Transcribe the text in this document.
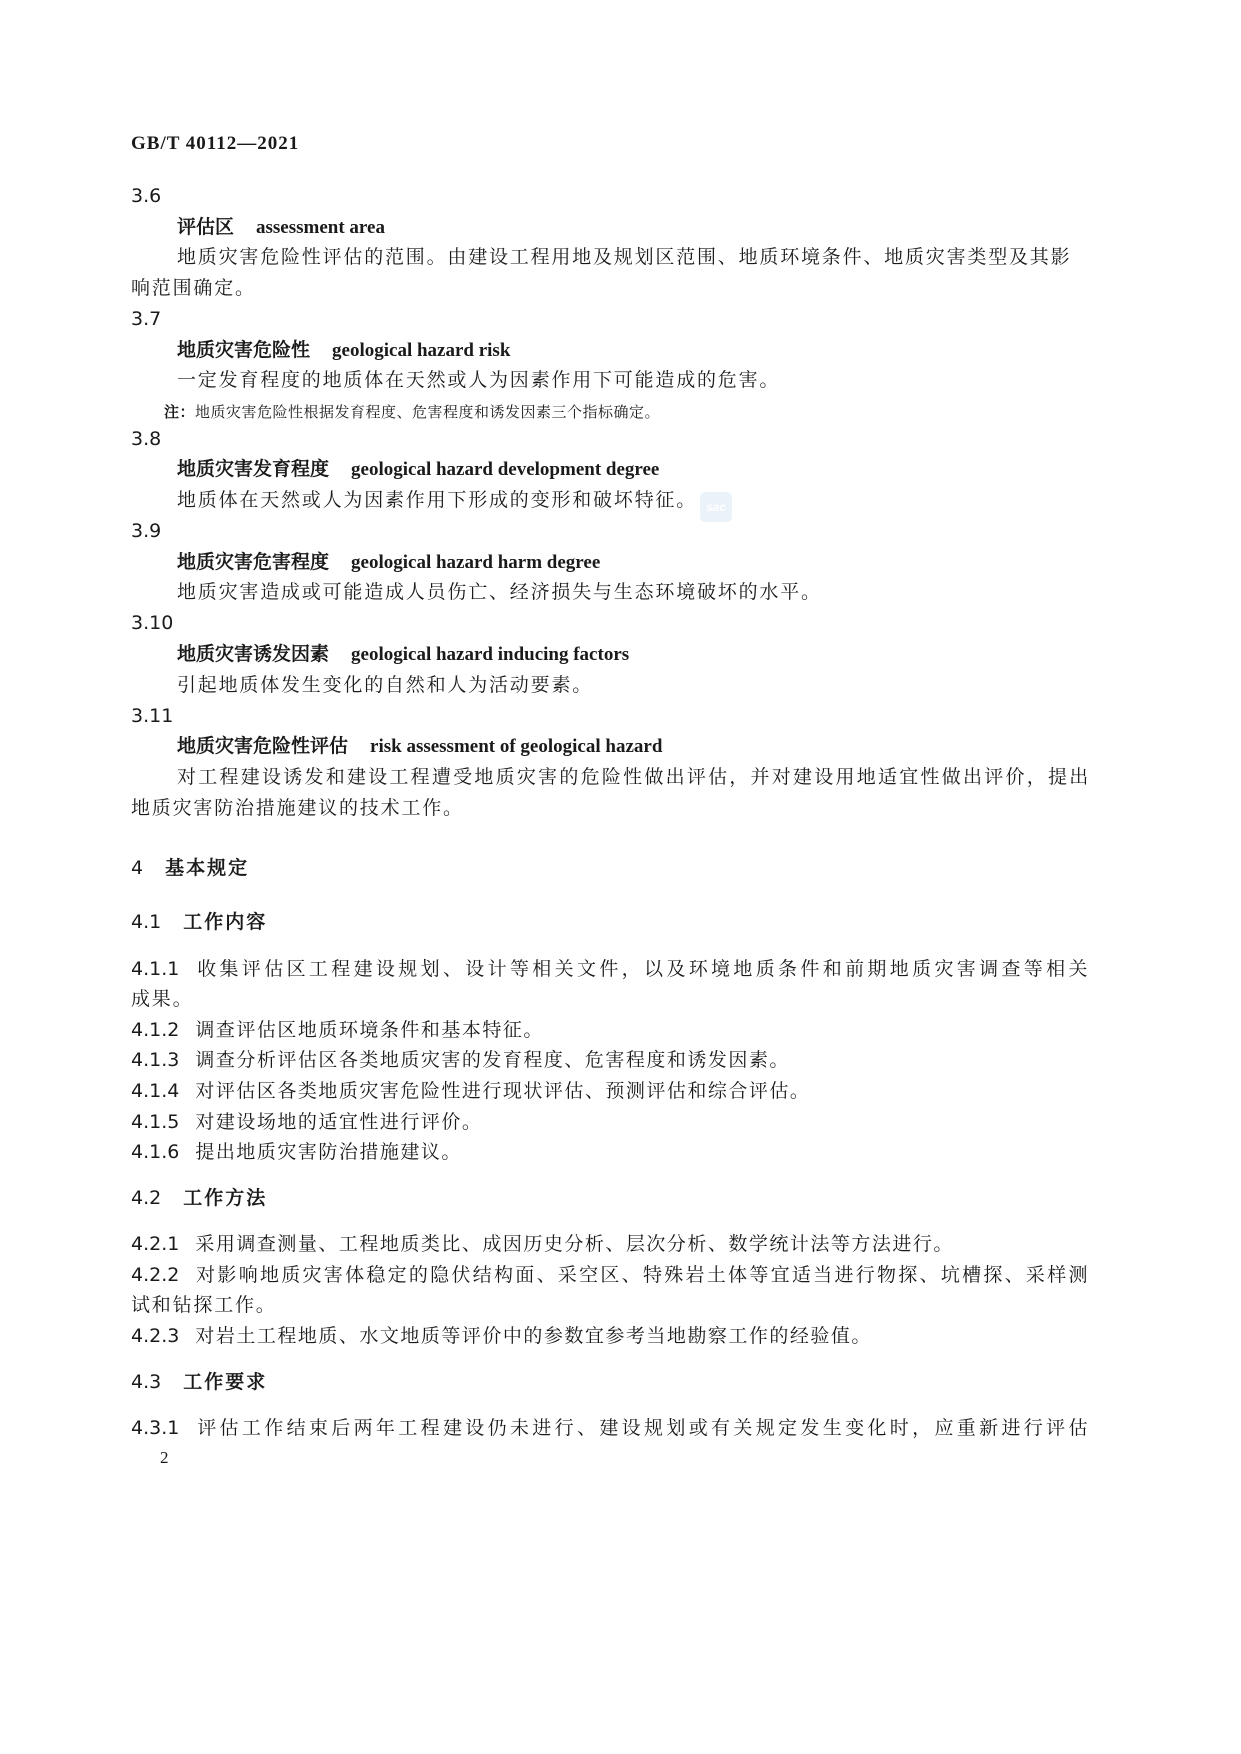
GB/T 40112—2021
3.6
评估区 assessment area
地质灾害危险性评估的范围。由建设工程用地及规划区范围、地质环境条件、地质灾害类型及其影
响范围确定。
3.7
地质灾害危险性 geological hazard risk
一定发育程度的地质体在天然或人为因素作用下可能造成的危害。
注：地质灾害危险性根据发育程度、危害程度和诱发因素三个指标确定。
3.8
地质灾害发育程度 geological hazard development degree
sac
地质体在天然或人为因素作用下形成的变形和破坏特征。
3.9
地质灾害危害程度 geological hazard harm degree
地质灾害造成或可能造成人员伤亡、经济损失与生态环境破坏的水平。
3.10
地质灾害诱发因素 geological hazard inducing factors
引起地质体发生变化的自然和人为活动要素。
3.11
地质灾害危险性评估 risk assessment of geological hazard
对工程建设诱发和建设工程遭受地质灾害的危险性做出评估，并对建设用地适宜性做出评价，提出
地质灾害防治措施建议的技术工作。
4 基本规定
4.1 工作内容
4.1.1 收集评估区工程建设规划、设计等相关文件，以及环境地质条件和前期地质灾害调查等相关
成果。
4.1.2 调查评估区地质环境条件和基本特征。
4.1.3 调查分析评估区各类地质灾害的发育程度、危害程度和诱发因素。
4.1.4 对评估区各类地质灾害危险性进行现状评估、预测评估和综合评估。
4.1.5 对建设场地的适宜性进行评价。
4.1.6 提出地质灾害防治措施建议。
4.2 工作方法
4.2.1 采用调查测量、工程地质类比、成因历史分析、层次分析、数学统计法等方法进行。
4.2.2 对影响地质灾害体稳定的隐伏结构面、采空区、特殊岩土体等宜适当进行物探、坑槽探、采样测
试和钻探工作。
4.2.3 对岩土工程地质、水文地质等评价中的参数宜参考当地勘察工作的经验值。
4.3 工作要求
4.3.1 评估工作结束后两年工程建设仍未进行、建设规划或有关规定发生变化时，应重新进行评估
2
